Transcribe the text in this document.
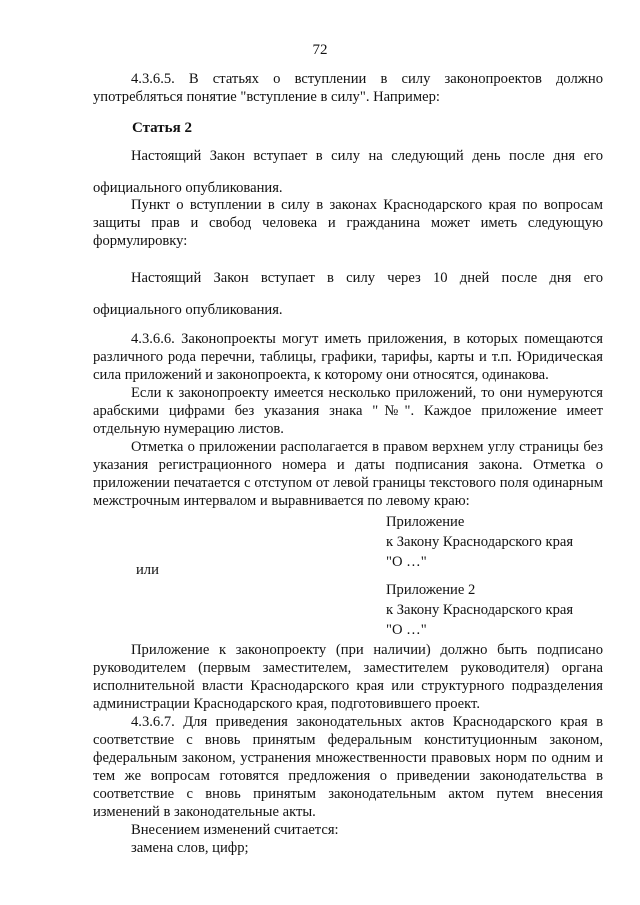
72

4.3.6.5. В статьях о вступлении в силу законопроектов должно употребляться понятие "вступление в силу". Например:

Статья 2

Настоящий Закон вступает в силу на следующий день после дня его официального опубликования.

Пункт о вступлении в силу в законах Краснодарского края по вопросам защиты прав и свобод человека и гражданина может иметь следующую формулировку:

Настоящий Закон вступает в силу через 10 дней после дня его официального опубликования.

4.3.6.6. Законопроекты могут иметь приложения, в которых помещаются различного рода перечни, таблицы, графики, тарифы, карты и т.п. Юридическая сила приложений и законопроекта, к которому они относятся, одинакова.

Если к законопроекту имеется несколько приложений, то они нумеруются арабскими цифрами без указания знака "№". Каждое приложение имеет отдельную нумерацию листов.

Отметка о приложении располагается в правом верхнем углу страницы без указания регистрационного номера и даты подписания закона. Отметка о приложении печатается с отступом от левой границы текстового поля одинарным межстрочным интервалом и выравнивается по левому краю:

Приложение
к Закону Краснодарского края
"О …"
или
Приложение 2
к Закону Краснодарского края
"О …"

Приложение к законопроекту (при наличии) должно быть подписано руководителем (первым заместителем, заместителем руководителя) органа исполнительной власти Краснодарского края или структурного подразделения администрации Краснодарского края, подготовившего проект.

4.3.6.7. Для приведения законодательных актов Краснодарского края в соответствие с вновь принятым федеральным конституционным законом, федеральным законом, устранения множественности правовых норм по одним и тем же вопросам готовятся предложения о приведении законодательства в соответствие с вновь принятым законодательным актом путем внесения изменений в законодательные акты.

Внесением изменений считается:

замена слов, цифр;
